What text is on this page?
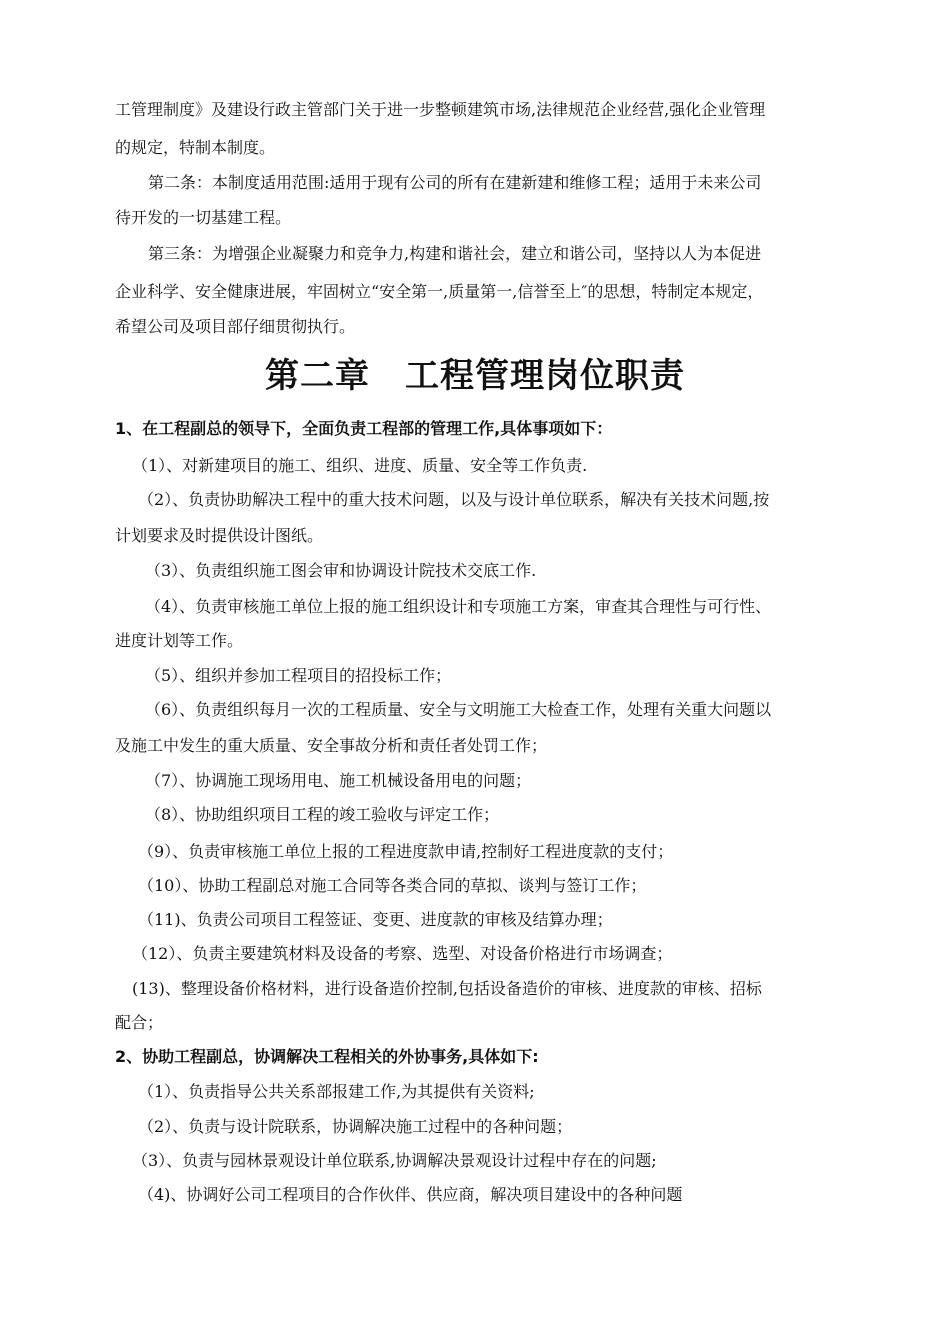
工管理制度》及建设行政主管部门关于进一步整顿建筑市场,法律规范企业经营,强化企业管理
的规定，特制本制度。
第二条：本制度适用范围:适用于现有公司的所有在建新建和维修工程；适用于未来公司
待开发的一切基建工程。
第三条：为增强企业凝聚力和竞争力,构建和谐社会，建立和谐公司，坚持以人为本促进
企业科学、安全健康进展，牢固树立“安全第一,质量第一,信誉至上″的思想，特制定本规定，
希望公司及项目部仔细贯彻执行。
第二章　工程管理岗位职责
1、在工程副总的领导下，全面负责工程部的管理工作,具体事项如下：
（1）、对新建项目的施工、组织、进度、质量、安全等工作负责.
（2）、负责协助解决工程中的重大技术问题，以及与设计单位联系，解决有关技术问题,按
计划要求及时提供设计图纸。
（3）、负责组织施工图会审和协调设计院技术交底工作.
（4）、负责审核施工单位上报的施工组织设计和专项施工方案，审查其合理性与可行性、
进度计划等工作。
（5）、组织并参加工程项目的招投标工作；
（6）、负责组织每月一次的工程质量、安全与文明施工大检查工作，处理有关重大问题以
及施工中发生的重大质量、安全事故分析和责任者处罚工作；
（7）、协调施工现场用电、施工机械设备用电的问题；
（8）、协助组织项目工程的竣工验收与评定工作；
（9）、负责审核施工单位上报的工程进度款申请,控制好工程进度款的支付；
（10）、协助工程副总对施工合同等各类合同的草拟、谈判与签订工作；
（11)、负责公司项目工程签证、变更、进度款的审核及结算办理；
（12）、负责主要建筑材料及设备的考察、选型、对设备价格进行市场调查；
(13)、整理设备价格材料，进行设备造价控制,包括设备造价的审核、进度款的审核、招标
配合；
2、协助工程副总，协调解决工程相关的外协事务,具体如下:
（1）、负责指导公共关系部报建工作,为其提供有关资料;
（2）、负责与设计院联系，协调解决施工过程中的各种问题；
（3）、负责与园林景观设计单位联系,协调解决景观设计过程中存在的问题;
（4)、协调好公司工程项目的合作伙伴、供应商，解决项目建设中的各种问题
